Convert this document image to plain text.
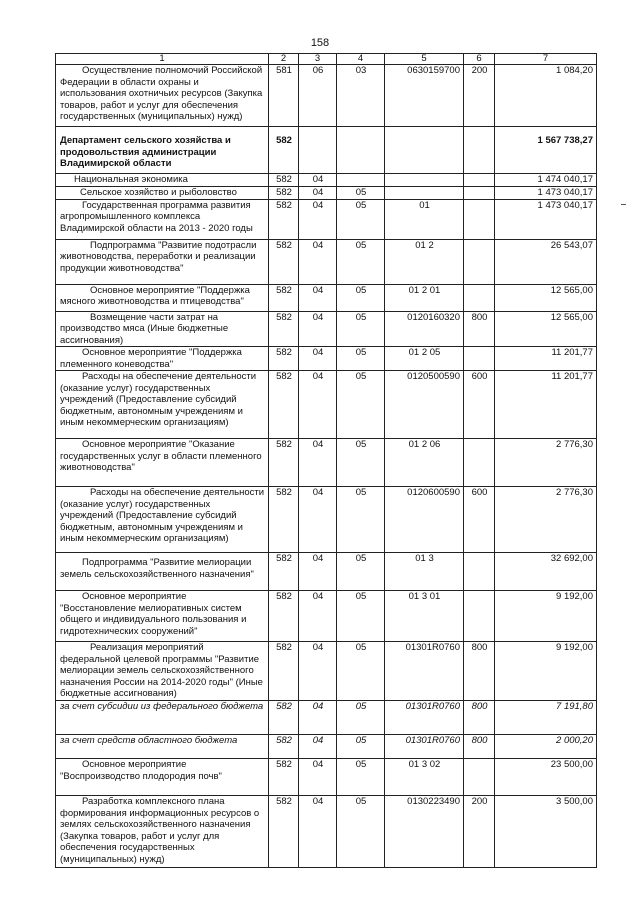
158
1	2	3	4	5	6	7

Осуществление полномочий Российской Федерации в области охраны и использования охотничьих ресурсов (Закупка товаров, работ и услуг для обеспечения государственных (муниципальных) нужд)	581	06	03	0630159700	200	1 084,20

Департамент сельского хозяйства и продовольствия администрации Владимирской области	582					1 567 738,27

Национальная экономика	582	04				1 474 040,17

Сельское хозяйство и рыболовство	582	04	05			1 473 040,17

Государственная программа развития агропромышленного комплекса Владимирской области на 2013 - 2020 годы	582	04	05	01		1 473 040,17

Подпрограмма "Развитие подотрасли животноводства, переработки и реализации продукции животноводства"	582	04	05	01 2		26 543,07

Основное мероприятие "Поддержка мясного животноводства и птицеводства"	582	04	05	01 2 01		12 565,00

Возмещение части затрат на производство мяса (Иные бюджетные ассигнования)	582	04	05	0120160320	800	12 565,00

Основное мероприятие "Поддержка племенного коневодства"	582	04	05	01 2 05		11 201,77

Расходы на обеспечение деятельности (оказание услуг) государственных учреждений (Предоставление субсидий бюджетным, автономным учреждениям и иным некоммерческим организациям)	582	04	05	0120500590	600	11 201,77

Основное мероприятие "Оказание государственных услуг в области племенного животноводства"	582	04	05	01 2 06		2 776,30

Расходы на обеспечение деятельности (оказание услуг) государственных учреждений (Предоставление субсидий бюджетным, автономным учреждениям и иным некоммерческим организациям)	582	04	05	0120600590	600	2 776,30

Подпрограмма "Развитие мелиорации земель сельскохозяйственного назначения"	582	04	05	01 3		32 692,00

Основное мероприятие "Восстановление мелиоративных систем общего и индивидуального пользования и гидротехнических сооружений"	582	04	05	01 3 01		9 192,00

Реализация мероприятий федеральной целевой программы "Развитие мелиорации земель сельскохозяйственного назначения России на 2014-2020 годы" (Иные бюджетные ассигнования)	582	04	05	01301R0760	800	9 192,00

за счет субсидии из федерального бюджета	582	04	05	01301R0760	800	7 191,80

за счет средств областного бюджета	582	04	05	01301R0760	800	2 000,20

Основное мероприятие "Воспроизводство плодородия почв"	582	04	05	01 3 02		23 500,00

Разработка комплексного плана формирования информационных ресурсов о землях сельскохозяйственного назначения (Закупка товаров, работ и услуг для обеспечения государственных (муниципальных) нужд)	582	04	05	0130223490	200	3 500,00
